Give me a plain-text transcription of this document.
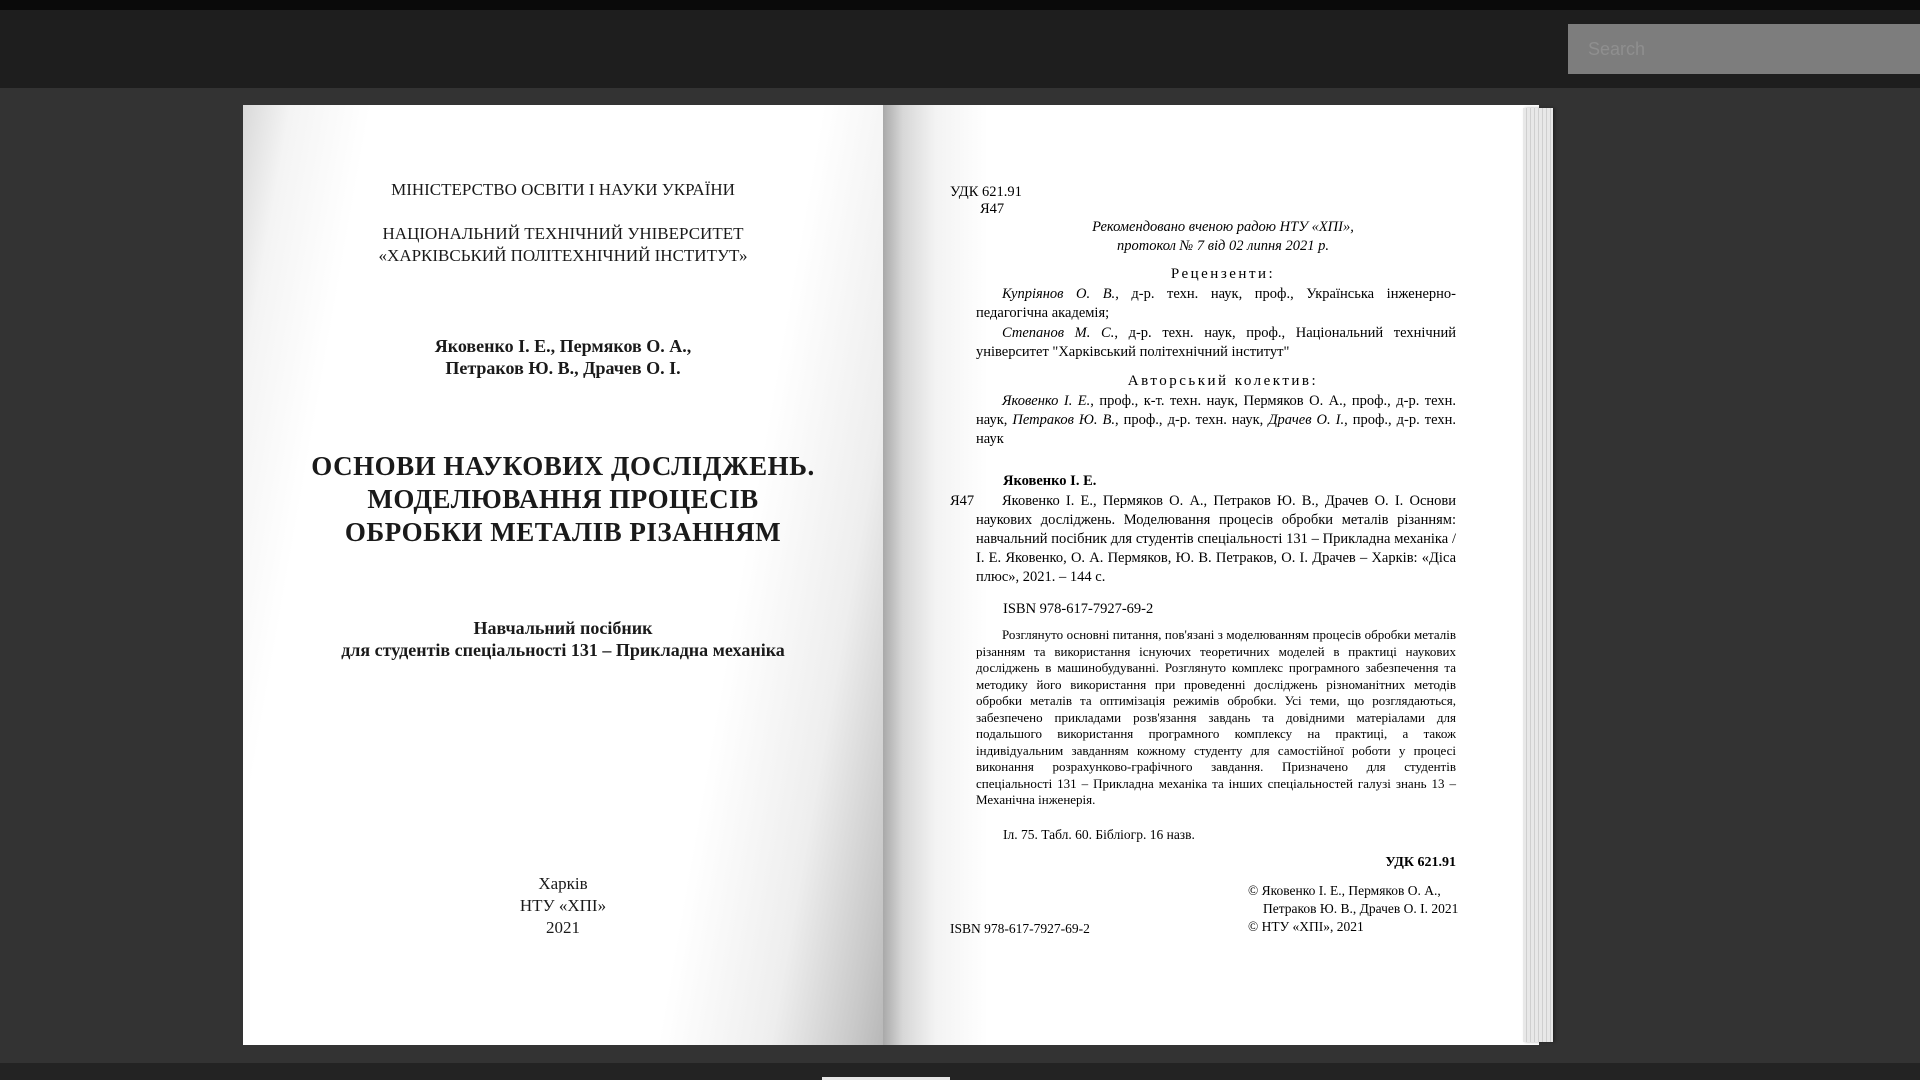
Search
МІНІСТЕРСТВО ОСВІТИ І НАУКИ УКРАЇНИ
НАЦІОНАЛЬНИЙ ТЕХНІЧНИЙ УНІВЕРСИТЕТ
«ХАРКІВСЬКИЙ ПОЛІТЕХНІЧНИЙ ІНСТИТУТ»
Яковенко І. Е., Пермяков О. А.,
Петраков Ю. В., Драчев О. І.
ОСНОВИ НАУКОВИХ ДОСЛІДЖЕНЬ.
МОДЕЛЮВАННЯ ПРОЦЕСІВ
ОБРОБКИ МЕТАЛІВ РІЗАННЯМ
Навчальний посібник
для студентів спеціальності 131 – Прикладна механіка
Харків
НТУ «ХПІ»
2021
УДК 621.91
Я47
Рекомендовано вченою радою НТУ «ХПІ»,
протокол № 7 від 02 липня 2021 р.
Рецензенти:
Купріянов О. В., д-р. техн. наук, проф., Українська інженерно-педагогічна академія;
Степанов М. С., д-р. техн. наук, проф., Національний технічний університет "Харківський політехнічний інститут"
Авторський колектив:
Яковенко І. Е., проф., к-т. техн. наук, Пермяков О. А., проф., д-р. техн. наук, Петраков Ю. В., проф., д-р. техн. наук, Драчев О. І., проф., д-р. техн. наук
Яковенко І. Е.
Я47	Яковенко І. Е., Пермяков О. А., Петраков Ю. В., Драчев О. І. Основи наукових досліджень. Моделювання процесів обробки металів різанням: навчальний посібник для студентів спеціальності 131 – Прикладна механіка / І. Е. Яковенко, О. А. Пермяков, Ю. В. Петраков, О. І. Драчев – Харків: «Діса плюс», 2021. – 144 с.
ISBN 978-617-7927-69-2
Розглянуто основні питання, пов'язані з моделюванням процесів обробки металів різанням та використання існуючих теоретичних моделей в практиці наукових досліджень в машинобудуванні. Розглянуто комплекс програмного забезпечення та методику його використання при проведенні досліджень різноманітних методів обробки металів та оптимізація режимів обробки. Усі теми, що розглядаються, забезпечено прикладами розв'язання завдань та довідними матеріалами для подальшого використання програмного комплексу на практиці, а також індивідуальним завданням кожному студенту для самостійної роботи у процесі виконання розрахунково-графічного завдання. Призначено для студентів спеціальності 131 – Прикладна механіка та інших спеціальностей галузі знань 13 – Механічна інженерія.
Іл. 75. Табл. 60. Бібліогр. 16 назв.
УДК 621.91
© Яковенко І. Е., Пермяков О. А.,
Петраков Ю. В., Драчев О. І. 2021
© НТУ «ХПІ», 2021
ISBN 978-617-7927-69-2
